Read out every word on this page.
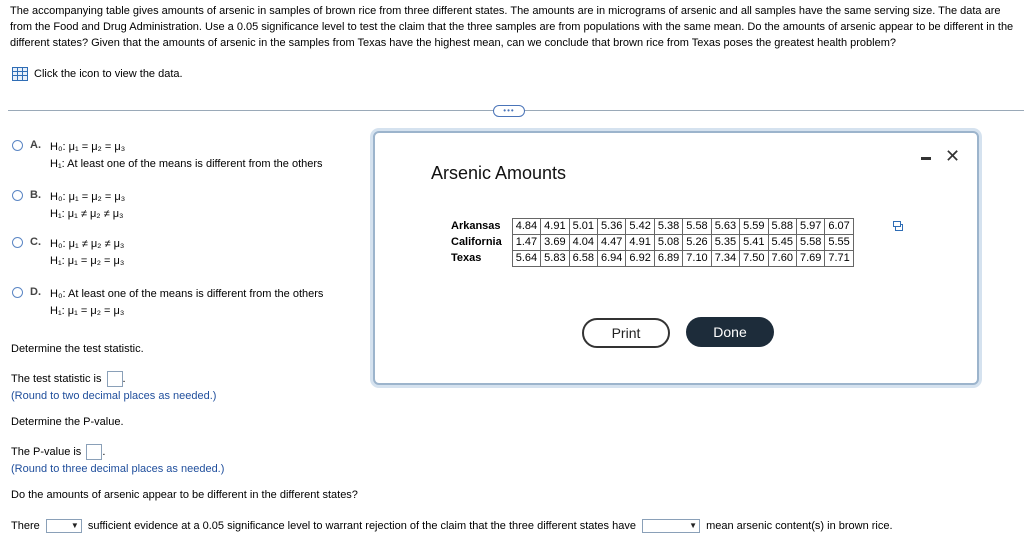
The accompanying table gives amounts of arsenic in samples of brown rice from three different states. The amounts are in micrograms of arsenic and all samples have the same serving size. The data are from the Food and Drug Administration. Use a 0.05 significance level to test the claim that the three samples are from populations with the same mean. Do the amounts of arsenic appear to be different in the different states? Given that the amounts of arsenic in the samples from Texas have the highest mean, can we conclude that brown rice from Texas poses the greatest health problem?
Click the icon to view the data.
•••
A. H₀: μ₁ = μ₂ = μ₃
H₁: At least one of the means is different from the others
B. H₀: μ₁ = μ₂ = μ₃
H₁: μ₁ ≠ μ₂ ≠ μ₃
C. H₀: μ₁ ≠ μ₂ ≠ μ₃
H₁: μ₁ = μ₂ = μ₃
D. H₀: At least one of the means is different from the others
H₁: μ₁ = μ₂ = μ₃
Determine the test statistic.
The test statistic is .
(Round to two decimal places as needed.)
Determine the P-value.
The P-value is .
(Round to three decimal places as needed.)
Do the amounts of arsenic appear to be different in the different states?
There ▼	sufficient evidence at a 0.05 significance level to warrant rejection of the claim that the three different states have ▼	mean arsenic content(s) in brown rice.
Arsenic Amounts
✕
Arkansas	4.84	4.91	5.01	5.36	5.42	5.38	5.58	5.63	5.59	5.88	5.97	6.07
California	1.47	3.69	4.04	4.47	4.91	5.08	5.26	5.35	5.41	5.45	5.58	5.55
Texas	5.64	5.83	6.58	6.94	6.92	6.89	7.10	7.34	7.50	7.60	7.69	7.71
Print	Done
